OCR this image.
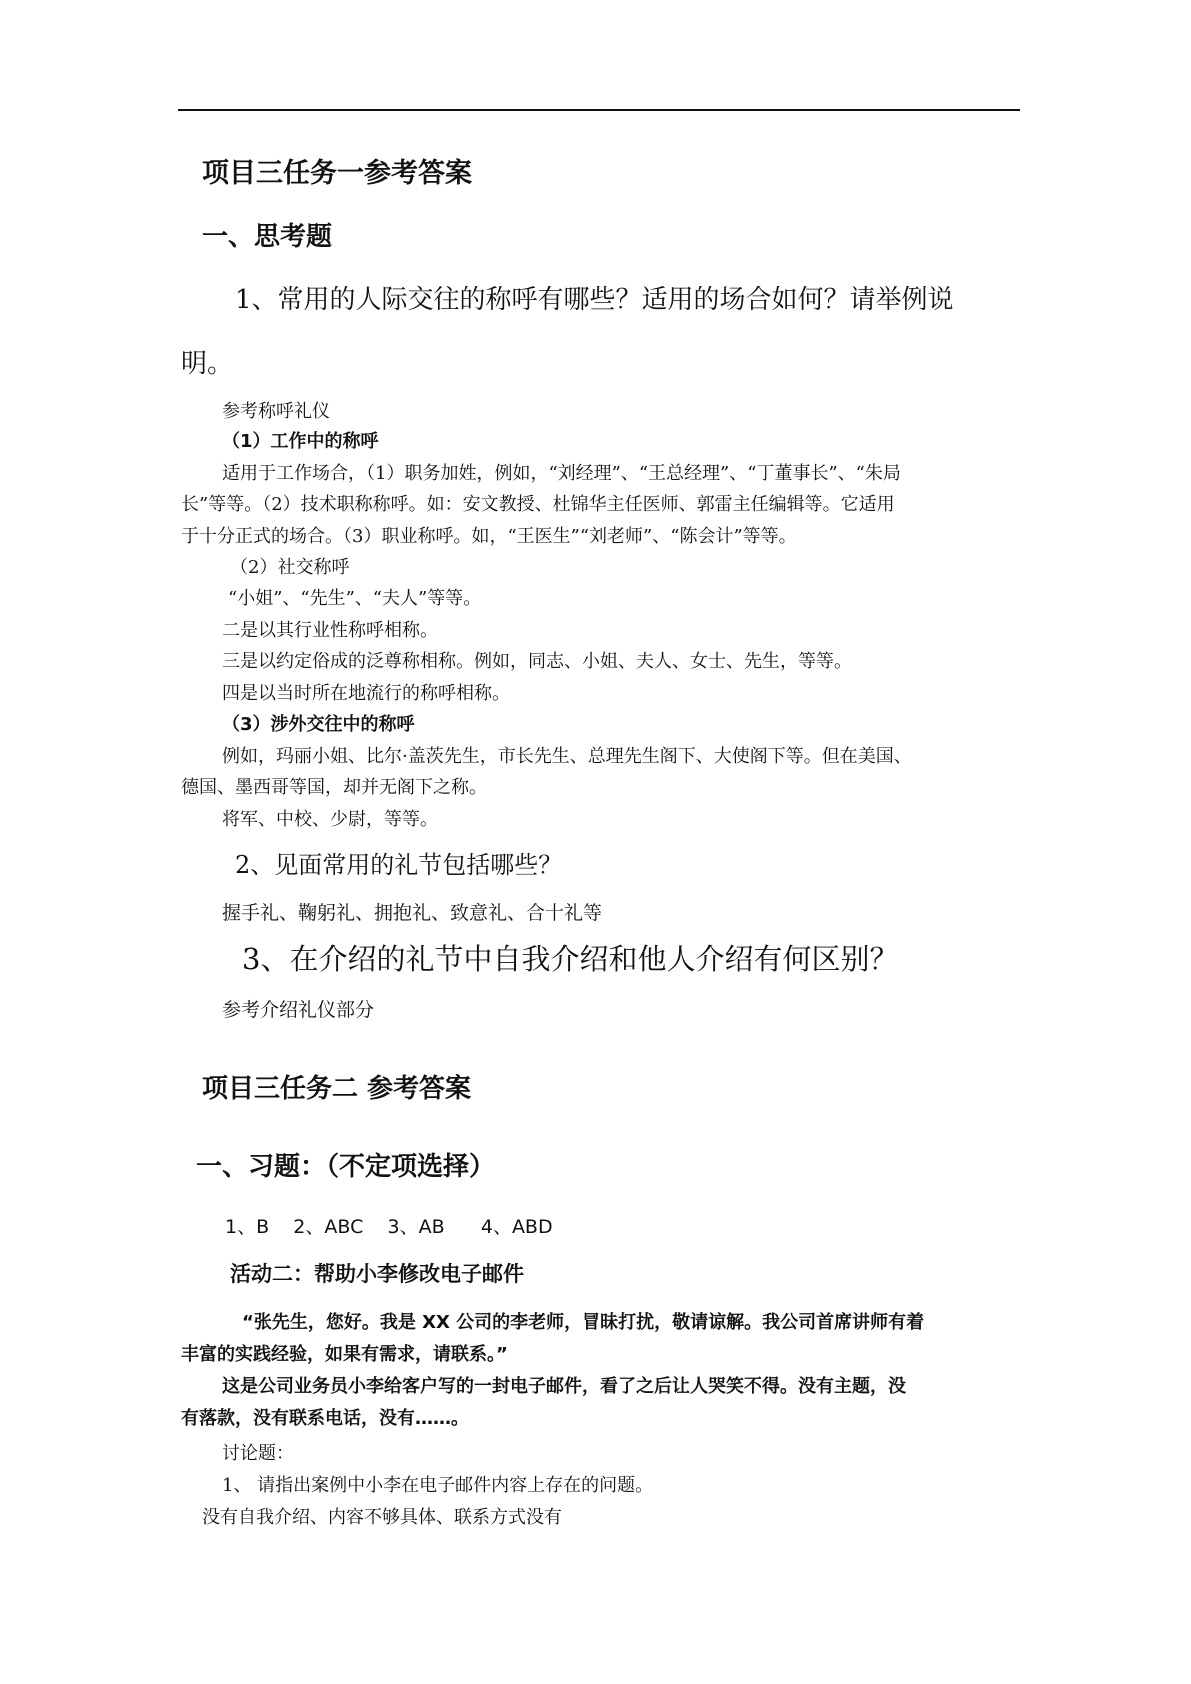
项目三任务一参考答案
一、思考题
1、常用的人际交往的称呼有哪些？适用的场合如何？请举例说
明。
参考称呼礼仪
（1）工作中的称呼
适用于工作场合，（1）职务加姓，例如，“刘经理”、“王总经理”、“丁董事长”、“朱局
长”等等。（2）技术职称称呼。如：安文教授、杜锦华主任医师、郭雷主任编辑等。它适用
于十分正式的场合。（3）职业称呼。如，“王医生”“刘老师”、“陈会计”等等。
（2）社交称呼
“小姐”、“先生”、“夫人”等等。
二是以其行业性称呼相称。
三是以约定俗成的泛尊称相称。例如，同志、小姐、夫人、女士、先生，等等。
四是以当时所在地流行的称呼相称。
（3）涉外交往中的称呼
例如，玛丽小姐、比尔·盖茨先生，市长先生、总理先生阁下、大使阁下等。但在美国、
德国、墨西哥等国，却并无阁下之称。
将军、中校、少尉，等等。
2、见面常用的礼节包括哪些？
握手礼、鞠躬礼、拥抱礼、致意礼、合十礼等
3、在介绍的礼节中自我介绍和他人介绍有何区别？
参考介绍礼仪部分
项目三任务二 参考答案
一、习题：（不定项选择）
1、B    2、ABC    3、AB      4、ABD
活动二：帮助小李修改电子邮件
“张先生，您好。我是 XX 公司的李老师，冒昧打扰，敬请谅解。我公司首席讲师有着
丰富的实践经验，如果有需求，请联系。”
这是公司业务员小李给客户写的一封电子邮件，看了之后让人哭笑不得。没有主题，没
有落款，没有联系电话，没有……。
讨论题：
1、 请指出案例中小李在电子邮件内容上存在的问题。
没有自我介绍、内容不够具体、联系方式没有
